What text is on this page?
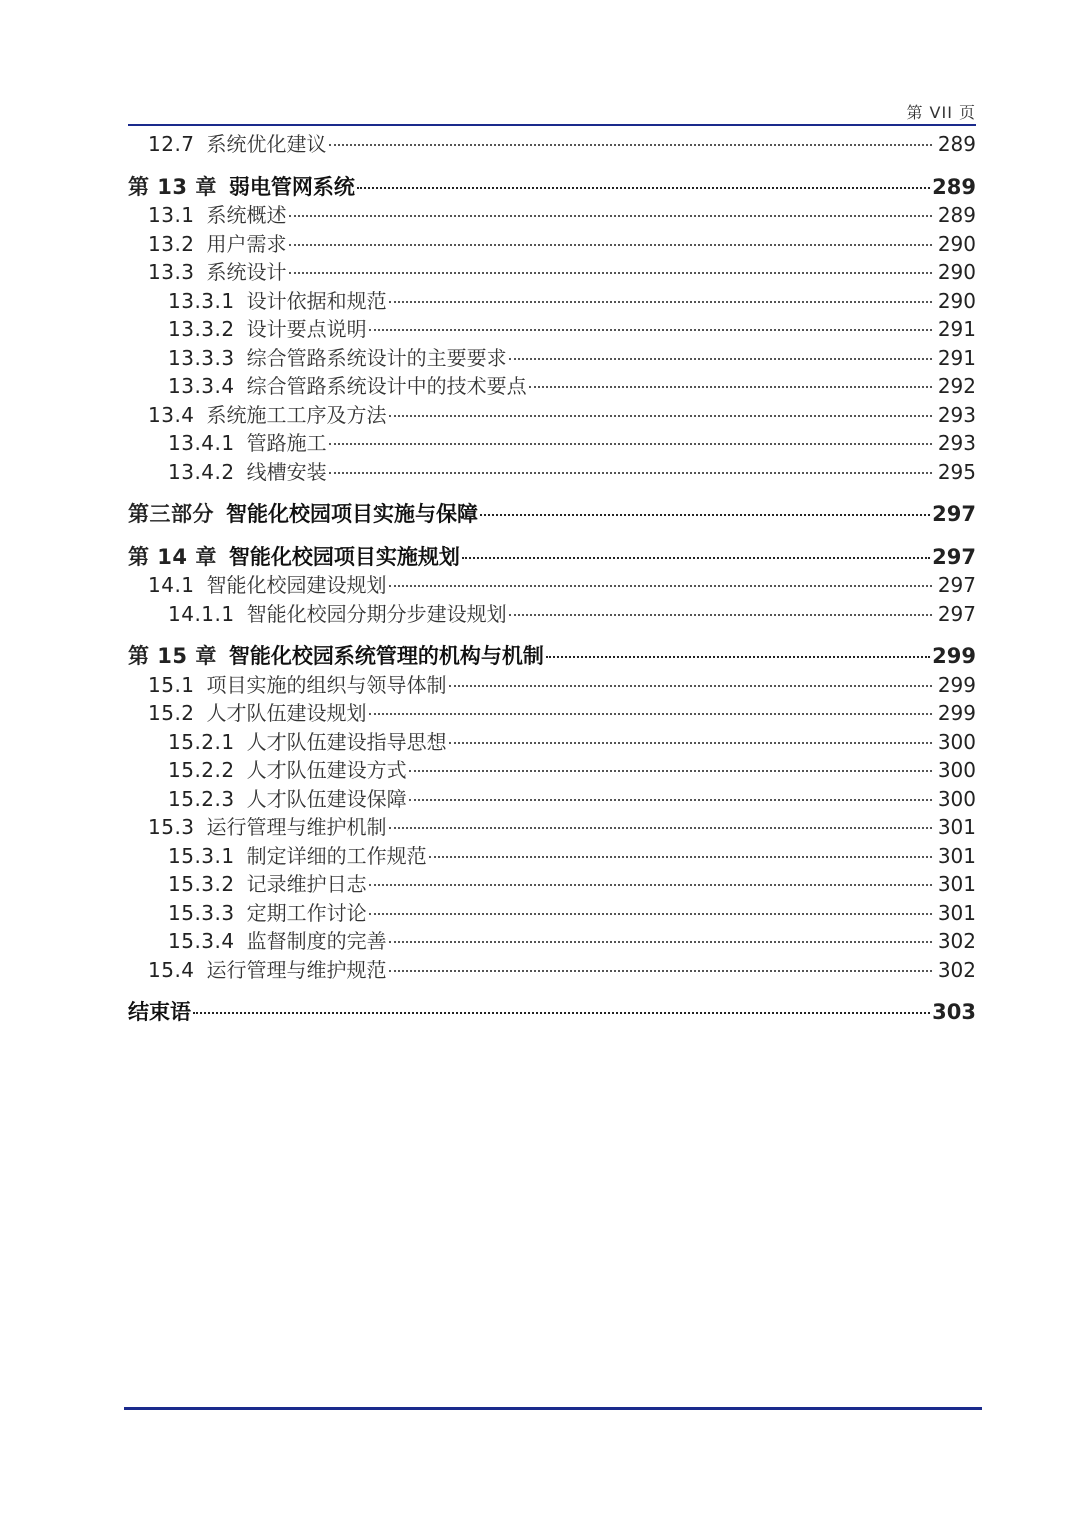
第 VII 页
12.7 系统优化建议	289
第 13 章 弱电管网系统	289
13.1 系统概述	289
13.2 用户需求	290
13.3 系统设计	290
13.3.1 设计依据和规范	290
13.3.2 设计要点说明	291
13.3.3 综合管路系统设计的主要要求	291
13.3.4 综合管路系统设计中的技术要点	292
13.4 系统施工工序及方法	293
13.4.1 管路施工	293
13.4.2 线槽安装	295
第三部分 智能化校园项目实施与保障	297
第 14 章 智能化校园项目实施规划	297
14.1 智能化校园建设规划	297
14.1.1 智能化校园分期分步建设规划	297
第 15 章 智能化校园系统管理的机构与机制	299
15.1 项目实施的组织与领导体制	299
15.2 人才队伍建设规划	299
15.2.1 人才队伍建设指导思想	300
15.2.2 人才队伍建设方式	300
15.2.3 人才队伍建设保障	300
15.3 运行管理与维护机制	301
15.3.1 制定详细的工作规范	301
15.3.2 记录维护日志	301
15.3.3 定期工作讨论	301
15.3.4 监督制度的完善	302
15.4 运行管理与维护规范	302
结束语	303
